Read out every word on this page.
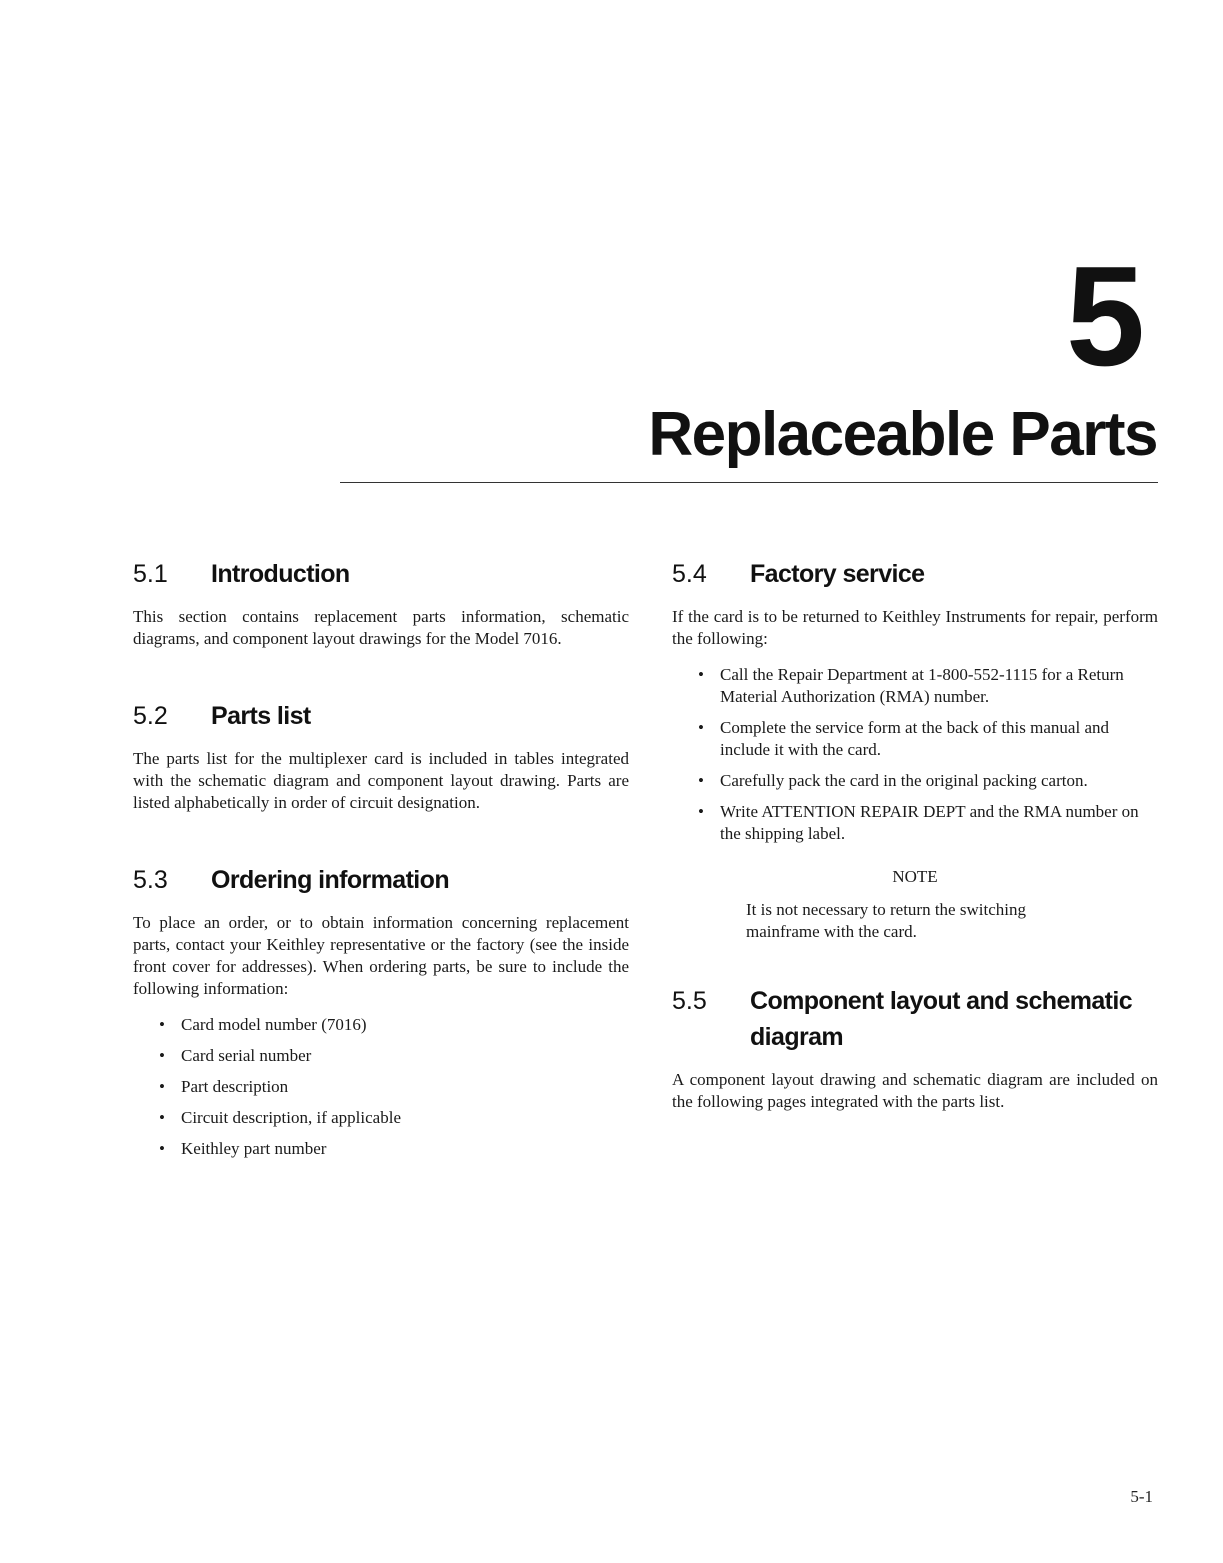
5
Replaceable Parts
5.1	Introduction

This section contains replacement parts information, schematic diagrams, and component layout drawings for the Model 7016.

5.2	Parts list

The parts list for the multiplexer card is included in tables integrated with the schematic diagram and component layout drawing. Parts are listed alphabetically in order of circuit designation.

5.3	Ordering information

To place an order, or to obtain information concerning replacement parts, contact your Keithley representative or the factory (see the inside front cover for addresses). When ordering parts, be sure to include the following information:

• Card model number (7016)
• Card serial number
• Part description
• Circuit description, if applicable
• Keithley part number
5.4	Factory service

If the card is to be returned to Keithley Instruments for repair, perform the following:

• Call the Repair Department at 1-800-552-1115 for a Return Material Authorization (RMA) number.
• Complete the service form at the back of this manual and include it with the card.
• Carefully pack the card in the original packing carton.
• Write ATTENTION REPAIR DEPT and the RMA number on the shipping label.

NOTE

It is not necessary to return the switching mainframe with the card.

5.5	Component layout and schematic diagram

A component layout drawing and schematic diagram are included on the following pages integrated with the parts list.

5-1
